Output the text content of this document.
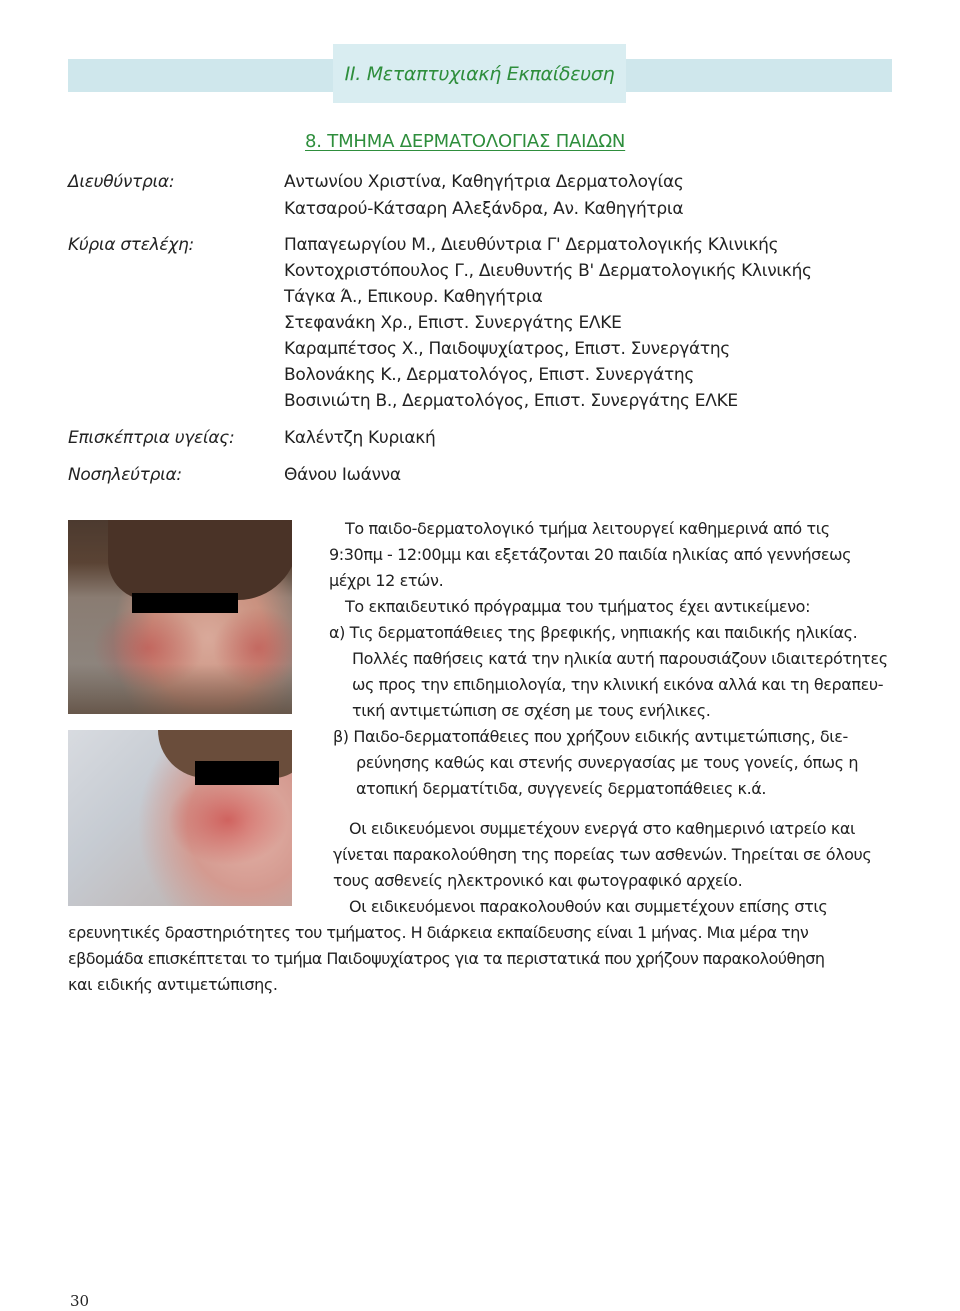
ΙΙ. Μεταπτυχιακή Εκπαίδευση
8. ΤΜΗΜΑ ΔΕΡΜΑΤΟΛΟΓΙΑΣ ΠΑΙΔΩΝ
Διευθύντρια:	Αντωνίου Χριστίνα, Καθηγήτρια Δερματολογίας
Κατσαρού-Κάτσαρη Αλεξάνδρα, Αν. Καθηγήτρια
Κύρια στελέχη:	Παπαγεωργίου Μ., Διευθύντρια Γ' Δερματολογικής Κλινικής
Κοντοχριστόπουλος Γ., Διευθυντής Β' Δερματολογικής Κλινικής
Τάγκα Ά., Επικουρ. Καθηγήτρια
Στεφανάκη Χρ., Επιστ. Συνεργάτης ΕΛΚΕ
Καραμπέτσος Χ., Παιδοψυχίατρος, Επιστ. Συνεργάτης
Βολονάκης Κ., Δερματολόγος, Επιστ. Συνεργάτης
Βοσινιώτη Β., Δερματολόγος, Επιστ. Συνεργάτης ΕΛΚΕ
Επισκέπτρια υγείας:	Καλέντζη Κυριακή
Νοσηλεύτρια:	Θάνου Ιωάννα
Το παιδο-δερματολογικό τμήμα λειτουργεί καθημερινά από τις
9:30πμ - 12:00μμ και εξετάζονται 20 παιδία ηλικίας από γεννήσεως
μέχρι 12 ετών.
Το εκπαιδευτικό πρόγραμμα του τμήματος έχει αντικείμενο:
α) Τις δερματοπάθειες της βρεφικής, νηπιακής και παιδικής ηλικίας.
Πολλές παθήσεις κατά την ηλικία αυτή παρουσιάζουν ιδιαιτερότητες
ως προς την επιδημιολογία, την κλινική εικόνα αλλά και τη θεραπευ-
τική αντιμετώπιση σε σχέση με τους ενήλικες.
β) Παιδο-δερματοπάθειες που χρήζουν ειδικής αντιμετώπισης, διε-
ρεύνησης καθώς και στενής συνεργασίας με τους γονείς, όπως η
ατοπική δερματίτιδα, συγγενείς δερματοπάθειες κ.ά.
Οι ειδικευόμενοι συμμετέχουν ενεργά στο καθημερινό ιατρείο και
γίνεται παρακολούθηση της πορείας των ασθενών. Τηρείται σε όλους
τους ασθενείς ηλεκτρονικό και φωτογραφικό αρχείο.
Οι ειδικευόμενοι παρακολουθούν και συμμετέχουν επίσης στις
ερευνητικές δραστηριότητες του τμήματος. Η διάρκεια εκπαίδευσης είναι 1 μήνας. Μια μέρα την
εβδομάδα επισκέπτεται το τμήμα Παιδοψυχίατρος για τα περιστατικά που χρήζουν παρακολούθηση
και ειδικής αντιμετώπισης.
30
